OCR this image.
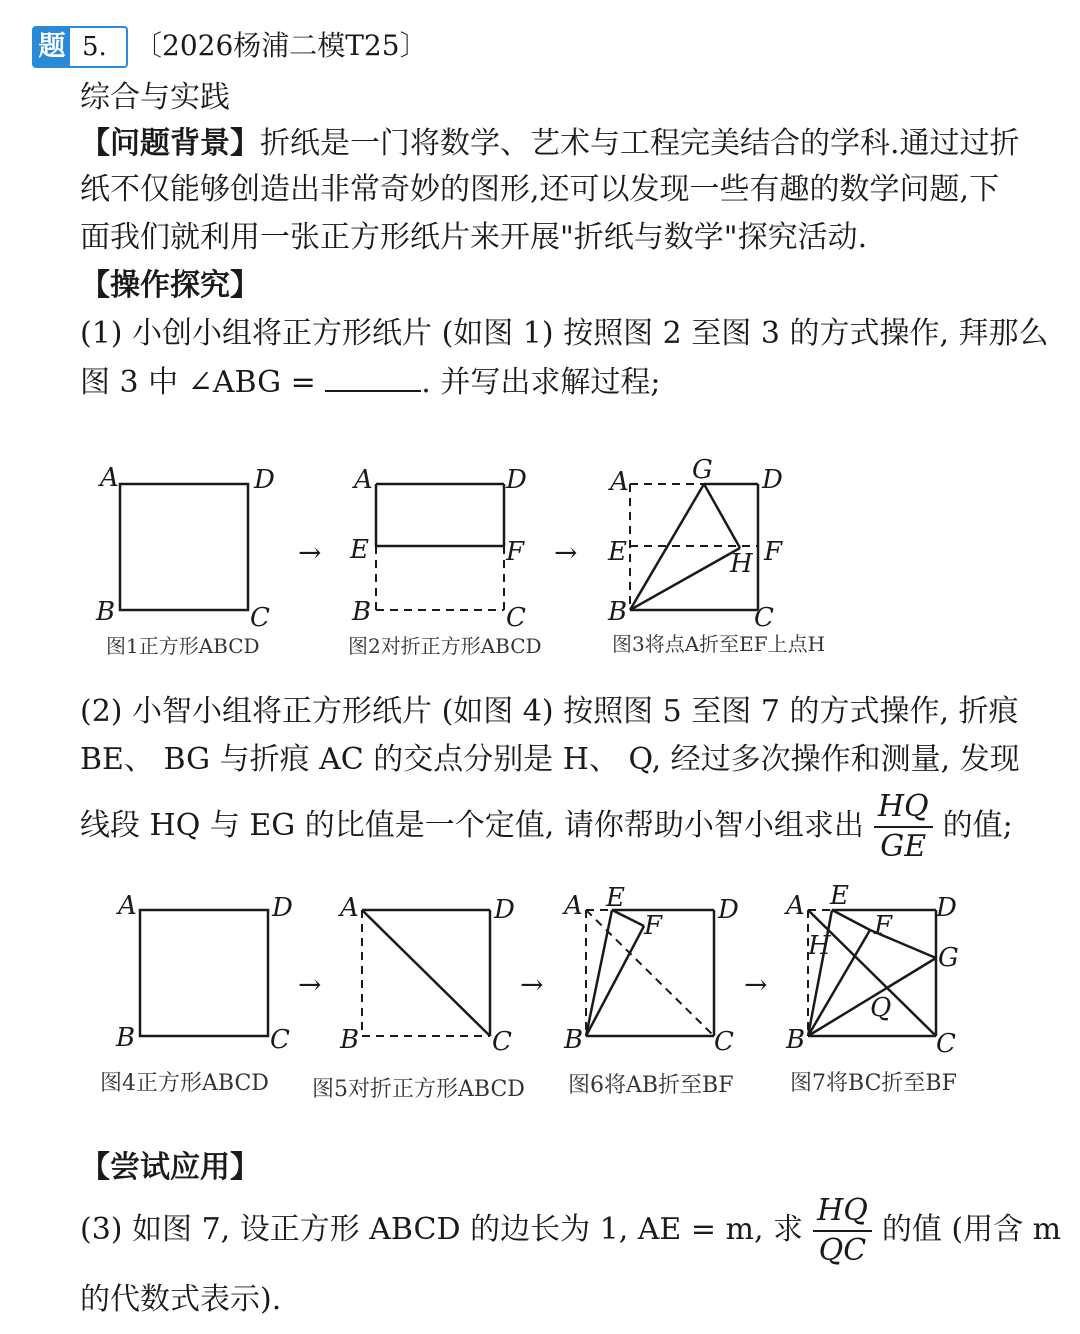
题 5. 〔2026杨浦二模T25〕
综合与实践
【问题背景】折纸是一门将数学、艺术与工程完美结合的学科.通过过折
纸不仅能够创造出非常奇妙的图形,还可以发现一些有趣的数学问题,下
面我们就利用一张正方形纸片来开展"折纸与数学"探究活动.
【操作探究】
(1) 小创小组将正方形纸片 (如图 1) 按照图 2 至图 3 的方式操作, 拜那么
图 3 中 ∠ABG =	. 并写出求解过程;
A	D
B	C
A	D
E	F
B	C
A G D
E	H F
B	C
→	→
图1正方形ABCD	图2对折正方形ABCD	图3将点A折至EF上点H
(2) 小智小组将正方形纸片 (如图 4) 按照图 5 至图 7 的方式操作, 折痕
BE、 BG 与折痕 AC 的交点分别是 H、 Q, 经过多次操作和测量, 发现
线段 HQ 与 EG 的比值是一个定值, 请你帮助小智小组求出 $\frac{HQ}{GE}$ 的值;
A	D
B	C
A	D
B	C
A E
F
D
B	C
A E
F
D
H	G
Q
B	C
→	→	→
图4正方形ABCD 图5对折正方形ABCD 图6将AB折至BF	图7将BC折至BF
【尝试应用】
(3) 如图 7, 设正方形 ABCD 的边长为 1, AE = m, 求 $\frac{HQ}{QC}$ 的值 (用含 m
的代数式表示).
